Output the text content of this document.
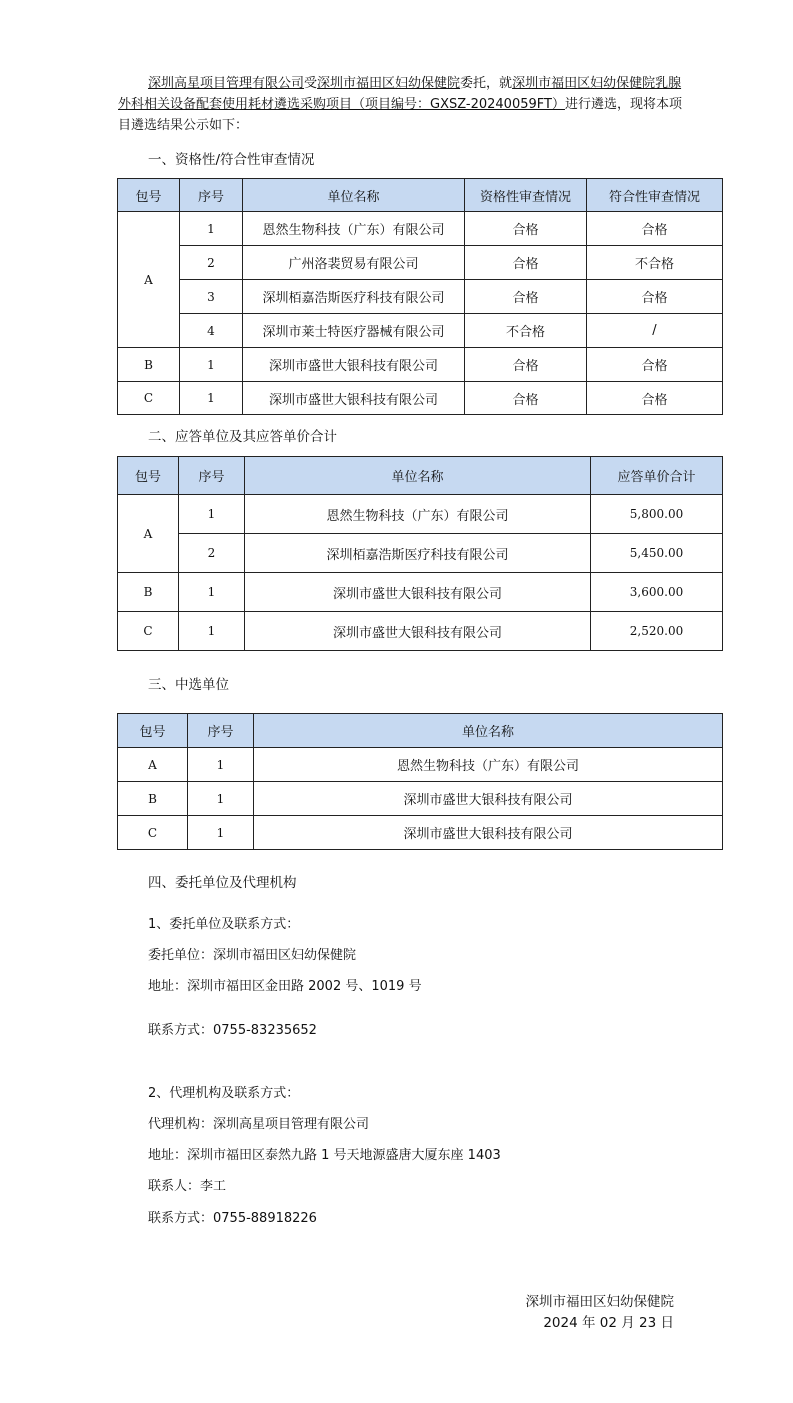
深圳高星项目管理有限公司受深圳市福田区妇幼保健院委托，就深圳市福田区妇幼保健院乳腺外科相关设备配套使用耗材遴选采购项目（项目编号：GXSZ-20240059FT）进行遴选，现将本项目遴选结果公示如下：

一、资格性/符合性审查情况

包号	序号	单位名称	资格性审查情况	符合性审查情况
A	1	恩然生物科技（广东）有限公司	合格	合格
	2	广州洛裴贸易有限公司	合格	不合格
	3	深圳栢嘉浩斯医疗科技有限公司	合格	合格
	4	深圳市莱士特医疗器械有限公司	不合格	/
B	1	深圳市盛世大银科技有限公司	合格	合格
C	1	深圳市盛世大银科技有限公司	合格	合格

二、应答单位及其应答单价合计

包号	序号	单位名称	应答单价合计
A	1	恩然生物科技（广东）有限公司	5,800.00
	2	深圳栢嘉浩斯医疗科技有限公司	5,450.00
B	1	深圳市盛世大银科技有限公司	3,600.00
C	1	深圳市盛世大银科技有限公司	2,520.00

三、中选单位

包号	序号	单位名称
A	1	恩然生物科技（广东）有限公司
B	1	深圳市盛世大银科技有限公司
C	1	深圳市盛世大银科技有限公司

四、委托单位及代理机构

1、委托单位及联系方式：

委托单位：深圳市福田区妇幼保健院

地址：深圳市福田区金田路 2002 号、1019 号

联系方式：0755-83235652

2、代理机构及联系方式：

代理机构：深圳高星项目管理有限公司

地址：深圳市福田区泰然九路 1 号天地源盛唐大厦东座 1403

联系人：李工

联系方式：0755-88918226

深圳市福田区妇幼保健院

2024 年 02 月 23 日
